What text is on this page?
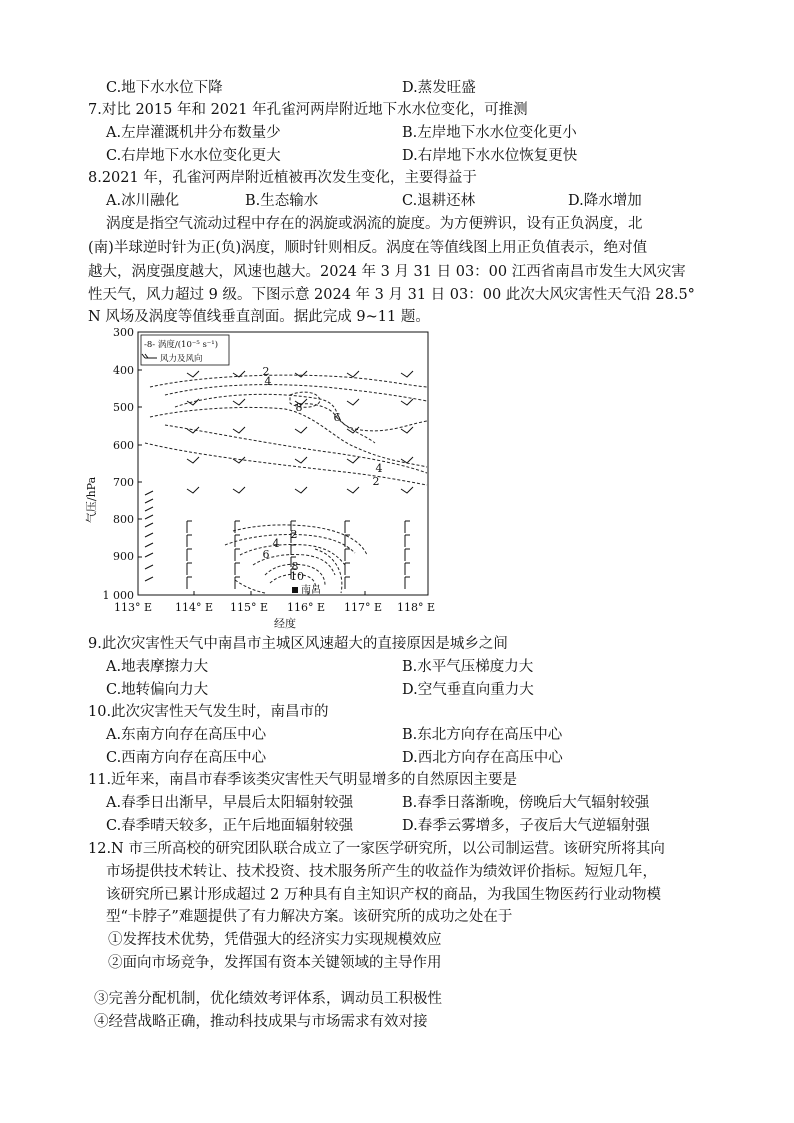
C.地下水水位下降	D.蒸发旺盛
7.对比 2015 年和 2021 年孔雀河两岸附近地下水水位变化，可推测
A.左岸灌溉机井分布数量少	B.左岸地下水水位变化更小
C.右岸地下水水位变化更大	D.右岸地下水水位恢复更快
8.2021 年，孔雀河两岸附近植被再次发生变化，主要得益于
A.冰川融化	B.生态输水	C.退耕还林	D.降水增加
涡度是指空气流动过程中存在的涡旋或涡流的旋度。为方便辨识，设有正负涡度，北
(南)半球逆时针为正(负)涡度，顺时针则相反。涡度在等值线图上用正负值表示，绝对值
越大，涡度强度越大，风速也越大。2024 年 3 月 31 日 03：00 江西省南昌市发生大风灾害
性天气，风力超过 9 级。下图示意 2024 年 3 月 31 日 03：00 此次大风灾害性天气沿 28.5°
N 风场及涡度等值线垂直剖面。据此完成 9~11 题。
气压/hPa
300
400
500
600
700
800
900
1 000
113° E 114° E 115° E 116° E 117° E 118° E
经度
-8- 涡度/(10⁻⁵ s⁻¹)
风力及风向
2
4
8
6
4
2
2
4
6
8
10
南昌
9.此次灾害性天气中南昌市主城区风速超大的直接原因是城乡之间
A.地表摩擦力大	B.水平气压梯度力大
C.地转偏向力大	D.空气垂直向重力大
10.此次灾害性天气发生时，南昌市的
A.东南方向存在高压中心	B.东北方向存在高压中心
C.西南方向存在高压中心	D.西北方向存在高压中心
11.近年来，南昌市春季该类灾害性天气明显增多的自然原因主要是
A.春季日出渐早，早晨后太阳辐射较强	B.春季日落渐晚，傍晚后大气辐射较强
C.春季晴天较多，正午后地面辐射较强	D.春季云雾增多，子夜后大气逆辐射强
12.N 市三所高校的研究团队联合成立了一家医学研究所，以公司制运营。该研究所将其向
市场提供技术转让、技术投资、技术服务所产生的收益作为绩效评价指标。短短几年，
该研究所已累计形成超过 2 万种具有自主知识产权的商品，为我国生物医药行业动物模
型“卡脖子”难题提供了有力解决方案。该研究所的成功之处在于
①发挥技术优势，凭借强大的经济实力实现规模效应
②面向市场竞争，发挥国有资本关键领域的主导作用
③完善分配机制，优化绩效考评体系，调动员工积极性
④经营战略正确，推动科技成果与市场需求有效对接
